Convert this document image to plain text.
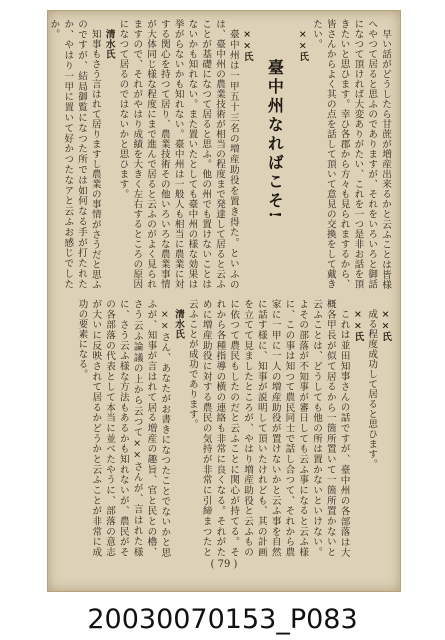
早い話がどうしたら甘蔗が増産出来るかと云ふことは皆様へやつて居ると思ふのでありますが、それをいろいろと御話になつて頂ければ大変ありがたい、これを一つ是非お話を頂きたいと思ひます。幸ひ各郡から方々も見られまするから、皆さんからよく其の点を話して頂いて意見の交換をして戴きたい。

××氏

臺中州なればこそ!

××氏

臺中州は一甲五十三名の増産助役を置き得た。といふのは、臺中州の農業技術が相当の程度まで発達して居ると云ふことが基礎になつて居ると思ふ。他の州でも置けないことはないかも知れない。また置いたとしても臺中州の様な効果は挙がらないかも知れない。臺中州は一般人も相当に農業に対する関心を持つて居り、農業技術その他いろいろな農業事情が大体同じ様な程度にまで進んで居ると云ふのがよく見られますので、それがやはり成績を大きく左右するところの原因になつて居るのではないかと思ひます。

清水氏

知事もさう言はれて居りますし農業の事情がさうだと思ふのですが、結局御覧になつた所では如何なる手が打たれたか、やはり一甲に置いて好かつたなアと云ふお感じでしたか。

××氏

成る程度成功して居ると思ひます。

××氏

これは並田知事さんの話ですが、臺中州の各部落は大概各甲長が似て居るから一箇所置いて一箇所置かないと云ふことは、どうしても他の所は置かないといけない。よその部落が不知事が審日しても云ふ事になると云ふ様に、この事は知つて農民同士で話し合つて、それから農家に一甲に一人の増産助役が置けないかと云ふ事を自然に話す様に、知事が説明して頂いたけれども、其の計画を立てて見ましたところが、やはり増産助役と云ふものに依つて農民もしたのだと云ふことに関心が持てる。それから各種指導の横の連絡も非常に良くなる。それがために増産助役に対する農民の気持が非常に引締まつたと云ふことが成功であります。

清水氏

××さん、あなたがお書きになつたことでないかと思ふが、知事が言はれて居る増産の趣旨、官と民との櫓、さう云ふ論議の上から云つて××さんが、言はれた様に、さう云ふ様な方法もあるかも知れないが、農民がその各部落の代表として本当に並べたやうに、部落の意志が大いに反映されて居るかどうかと云ふことが非常に成功の要素になる。

( 79 )
20030070153_P083
